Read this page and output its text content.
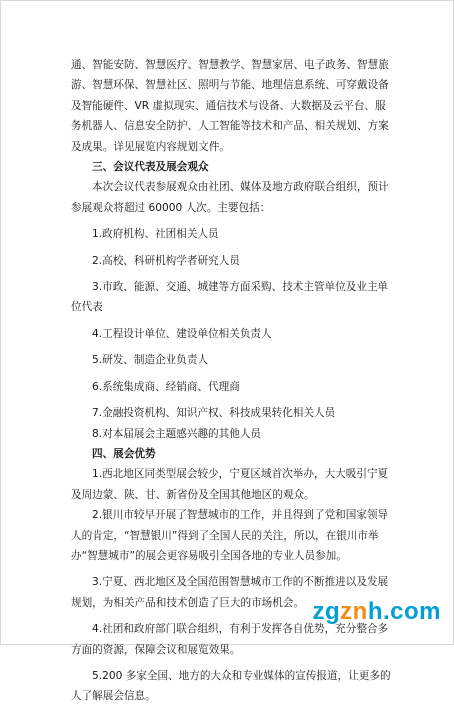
通、智能安防、智慧医疗、智慧教学、智慧家居、电子政务、智慧旅
游、智慧环保、智慧社区、照明与节能、地理信息系统、可穿戴设备
及智能硬件、VR 虚拟现实、通信技术与设备、大数据及云平台、服
务机器人、信息安全防护、人工智能等技术和产品、相关规划、方案
及成果。详见展览内容规划文件。

三、会议代表及展会观众

本次会议代表参展观众由社团、媒体及地方政府联合组织，预计
参展观众将超过 60000 人次。主要包括：

1.政府机构、社团相关人员

2.高校、科研机构学者研究人员

3.市政、能源、交通、城建等方面采购、技术主管单位及业主单
位代表

4.工程设计单位、建设单位相关负责人

5.研发、制造企业负责人

6.系统集成商、经销商、代理商

7.金融投资机构、知识产权、科技成果转化相关人员

8.对本届展会主题感兴趣的其他人员

四、展会优势

1.西北地区同类型展会较少，宁夏区域首次举办，大大吸引宁夏
及周边蒙、陕、甘、新省份及全国其他地区的观众。

2.银川市较早开展了智慧城市的工作，并且得到了党和国家领导
人的肯定，“智慧银川”得到了全国人民的关注，所以，在银川市举
办“智慧城市”的展会更容易吸引全国各地的专业人员参加。

3.宁夏、西北地区及全国范围智慧城市工作的不断推进以及发展
规划，为相关产品和技术创造了巨大的市场机会。

4.社团和政府部门联合组织，有利于发挥各自优势，充分整合多
方面的资源，保障会议和展览效果。

5.200 多家全国、地方的大众和专业媒体的宣传报道，让更多的
人了解展会信息。

zgznh.com
